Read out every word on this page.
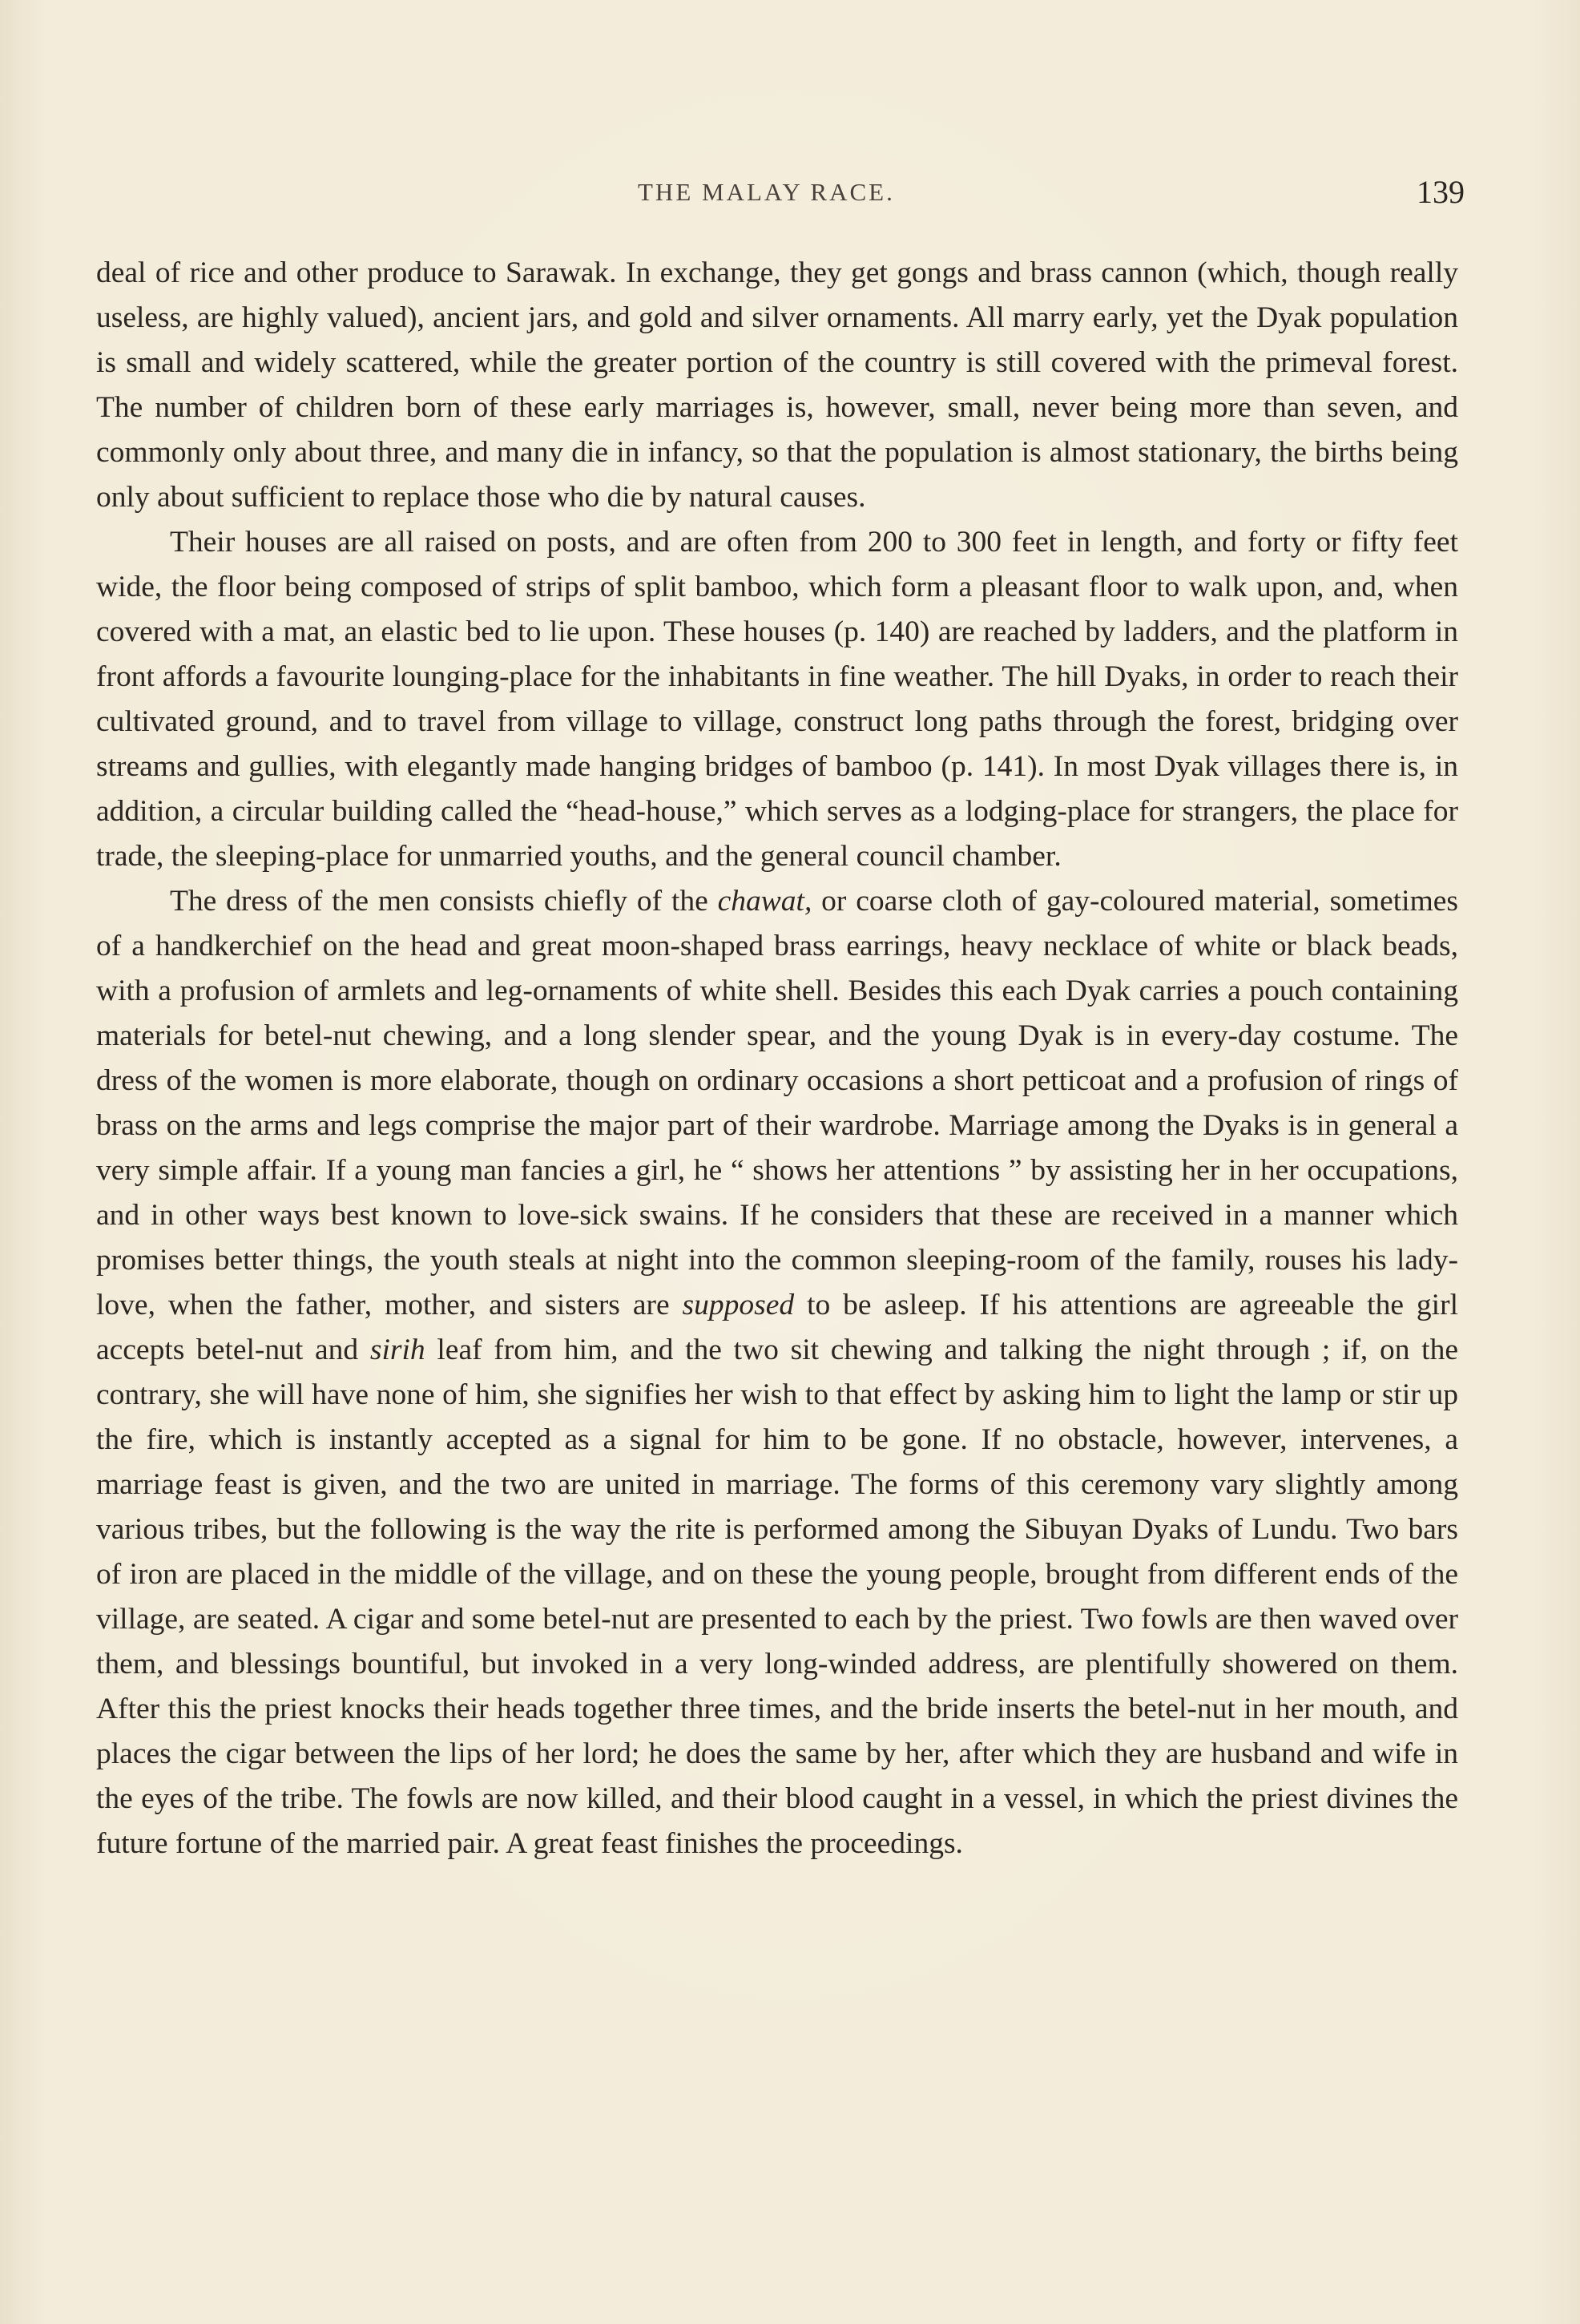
THE MALAY RACE.	139

deal of rice and other produce to Sarawak. In exchange, they get gongs and brass cannon (which, though really useless, are highly valued), ancient jars, and gold and silver ornaments. All marry early, yet the Dyak population is small and widely scattered, while the greater portion of the country is still covered with the primeval forest. The number of children born of these early marriages is, however, small, never being more than seven, and commonly only about three, and many die in infancy, so that the population is almost stationary, the births being only about sufficient to replace those who die by natural causes.

Their houses are all raised on posts, and are often from 200 to 300 feet in length, and forty or fifty feet wide, the floor being composed of strips of split bamboo, which form a pleasant floor to walk upon, and, when covered with a mat, an elastic bed to lie upon. These houses (p. 140) are reached by ladders, and the platform in front affords a favourite lounging-place for the inhabitants in fine weather. The hill Dyaks, in order to reach their cultivated ground, and to travel from village to village, construct long paths through the forest, bridging over streams and gullies, with elegantly made hanging bridges of bamboo (p. 141). In most Dyak villages there is, in addition, a circular building called the “head-house,” which serves as a lodging-place for strangers, the place for trade, the sleeping-place for unmarried youths, and the general council chamber.

The dress of the men consists chiefly of the chawat, or coarse cloth of gay-coloured material, sometimes of a handkerchief on the head and great moon-shaped brass earrings, heavy necklace of white or black beads, with a profusion of armlets and leg-ornaments of white shell. Besides this each Dyak carries a pouch containing materials for betel-nut chewing, and a long slender spear, and the young Dyak is in every-day costume. The dress of the women is more elaborate, though on ordinary occasions a short petticoat and a profusion of rings of brass on the arms and legs comprise the major part of their wardrobe. Marriage among the Dyaks is in general a very simple affair. If a young man fancies a girl, he “ shows her attentions ” by assisting her in her occupations, and in other ways best known to love-sick swains. If he considers that these are received in a manner which promises better things, the youth steals at night into the common sleeping-room of the family, rouses his lady-love, when the father, mother, and sisters are supposed to be asleep. If his attentions are agreeable the girl accepts betel-nut and sirih leaf from him, and the two sit chewing and talking the night through ; if, on the contrary, she will have none of him, she signifies her wish to that effect by asking him to light the lamp or stir up the fire, which is instantly accepted as a signal for him to be gone. If no obstacle, however, intervenes, a marriage feast is given, and the two are united in marriage. The forms of this ceremony vary slightly among various tribes, but the following is the way the rite is performed among the Sibuyan Dyaks of Lundu. Two bars of iron are placed in the middle of the village, and on these the young people, brought from different ends of the village, are seated. A cigar and some betel-nut are presented to each by the priest. Two fowls are then waved over them, and blessings bountiful, but invoked in a very long-winded address, are plentifully showered on them. After this the priest knocks their heads together three times, and the bride inserts the betel-nut in her mouth, and places the cigar between the lips of her lord; he does the same by her, after which they are husband and wife in the eyes of the tribe. The fowls are now killed, and their blood caught in a vessel, in which the priest divines the future fortune of the married pair. A great feast finishes the proceedings.
